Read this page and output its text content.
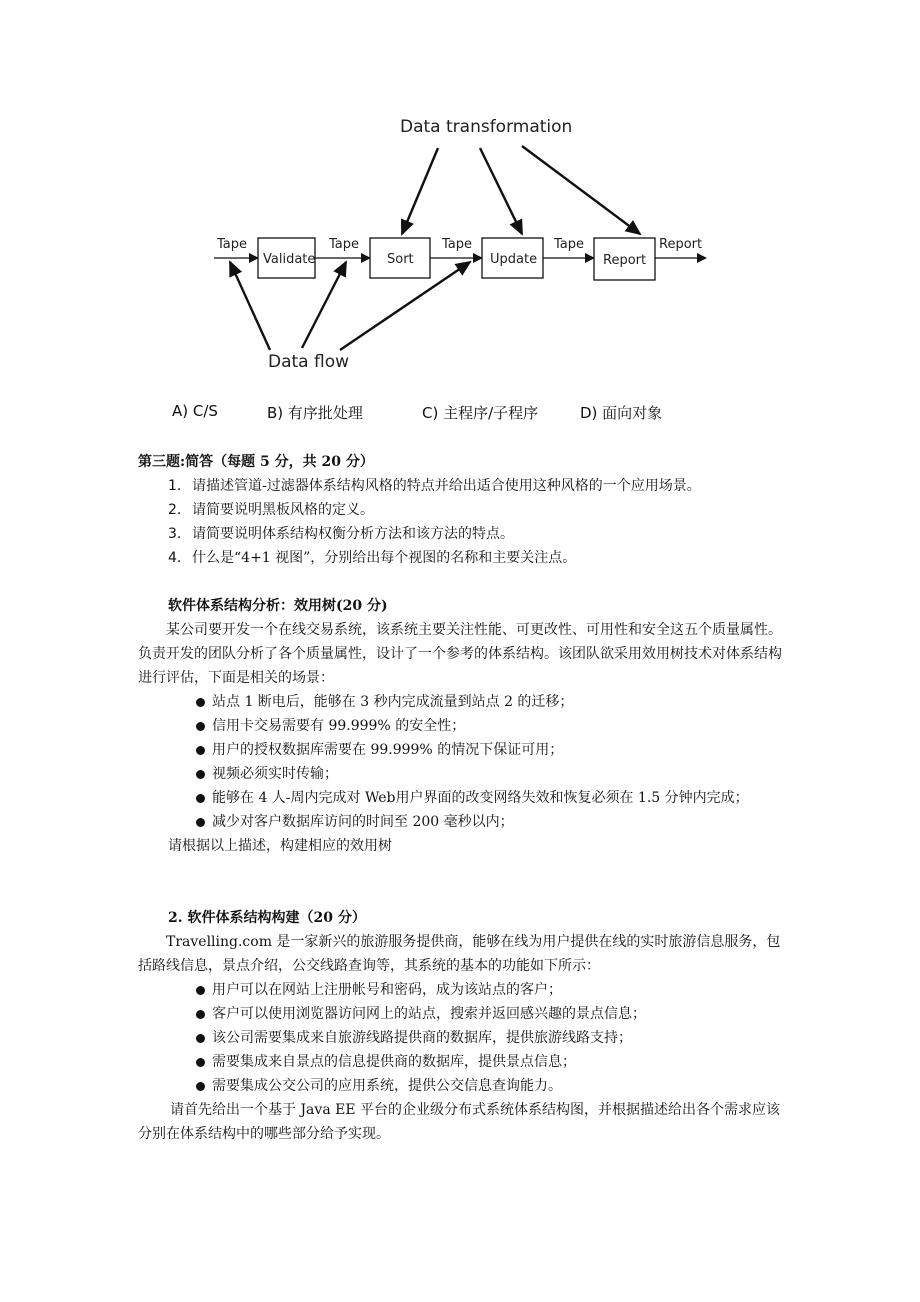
Data transformation
Tape	Tape	Tape	Tape	Report
Validate	Sort	Update	Report
Data flow
A) C/S	B) 有序批处理	C) 主程序/子程序	D) 面向对象
第三题:简答（每题 5 分，共 20 分）
1. 请描述管道-过滤器体系结构风格的特点并给出适合使用这种风格的一个应用场景。
2. 请简要说明黑板风格的定义。
3. 请简要说明体系结构权衡分析方法和该方法的特点。
4. 什么是“4+1 视图”，分别给出每个视图的名称和主要关注点。
软件体系结构分析：效用树(20 分)

某公司要开发一个在线交易系统，该系统主要关注性能、可更改性、可用性和安全这五个质量属性。负责开发的团队分析了各个质量属性，设计了一个参考的体系结构。该团队欲采用效用树技术对体系结构进行评估，下面是相关的场景：

站点 1 断电后，能够在 3 秒内完成流量到站点 2 的迁移；
信用卡交易需要有 99.999% 的安全性；
用户的授权数据库需要在 99.999% 的情况下保证可用；
视频必须实时传输；
能够在 4 人-周内完成对 Web用户界面的改变网络失效和恢复必须在 1.5 分钟内完成；
减少对客户数据库访问的时间至 200 毫秒以内；
请根据以上描述，构建相应的效用树
2. 软件体系结构构建（20 分）

Travelling.com 是一家新兴的旅游服务提供商，能够在线为用户提供在线的实时旅游信息服务，包括路线信息，景点介绍，公交线路查询等，其系统的基本的功能如下所示：

用户可以在网站上注册帐号和密码，成为该站点的客户；
客户可以使用浏览器访问网上的站点，搜索并返回感兴趣的景点信息；
该公司需要集成来自旅游线路提供商的数据库，提供旅游线路支持；
需要集成来自景点的信息提供商的数据库，提供景点信息；
需要集成公交公司的应用系统，提供公交信息查询能力。

请首先给出一个基于 Java EE 平台的企业级分布式系统体系结构图，并根据描述给出各个需求应该分别在体系结构中的哪些部分给予实现。
